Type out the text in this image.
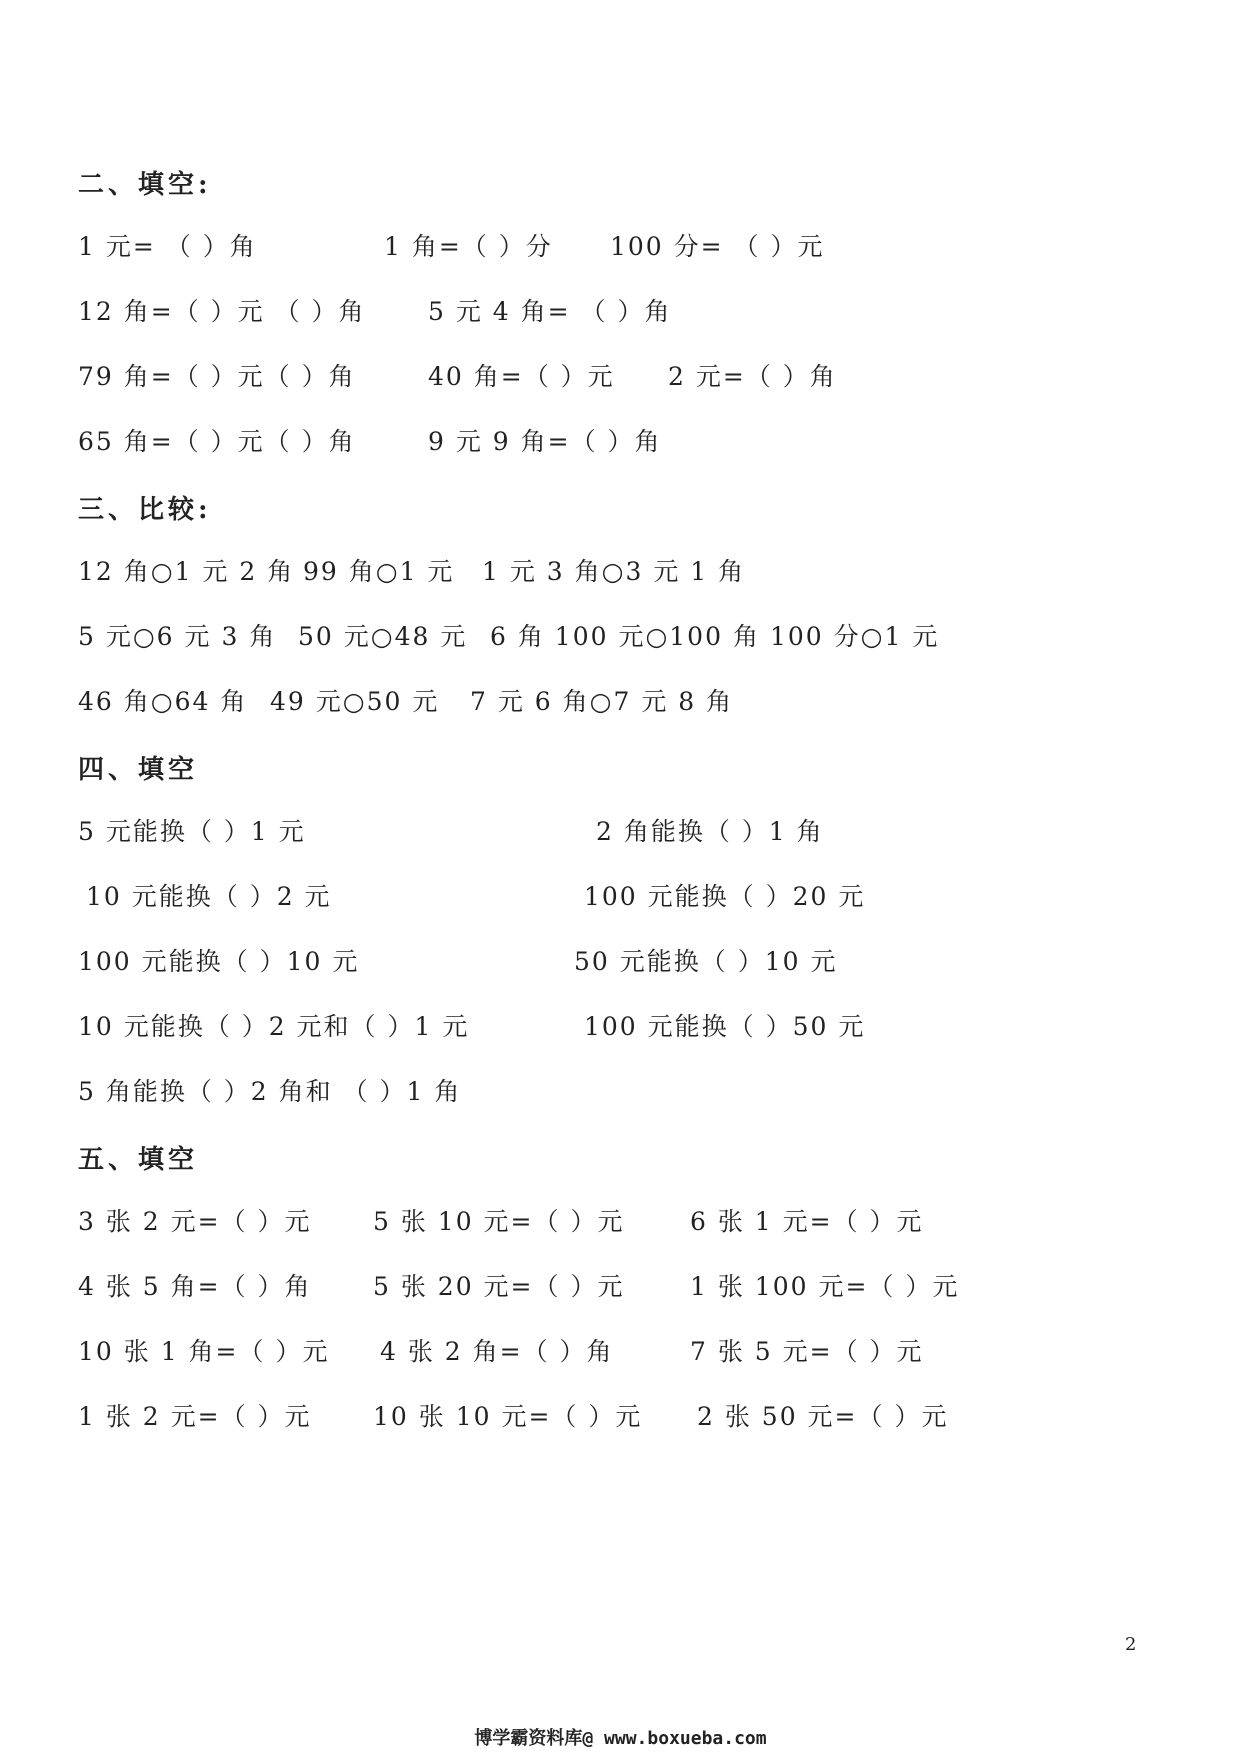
二、填空:
1 元= （ ）角	1 角=（ ）分 100 分= （ ）元
12 角=（ ）元 （ ）角 5 元 4 角= （ ）角
79 角=（ ）元（ ）角	40 角=（ ）元 2 元=（ ）角
65 角=（ ）元（ ）角	9 元 9 角=（ ）角
三、比较:
12 角○1 元 2 角 99 角○1 元 1 元 3 角○3 元 1 角
5 元○6 元 3 角 50 元○48 元 6 角 100 元○100 角 100 分○1 元
46 角○64 角 49 元○50 元 7 元 6 角○7 元 8 角
四、填空
5 元能换（ ）1 元	2 角能换（ ）1 角
10 元能换（ ）2 元	100 元能换（ ）20 元
100 元能换（ ）10 元	50 元能换（ ）10 元
10 元能换（ ）2 元和（ ）1 元	100 元能换（ ）50 元
5 角能换（ ）2 角和 （ ）1 角
五、填空
3 张 2 元=（ ）元 5 张 10 元=（ ）元	6 张 1 元=（ ）元
4 张 5 角=（ ）角 5 张 20 元=（ ）元	1 张 100 元=（ ）元
10 张 1 角=（ ）元 4 张 2 角=（ ）角	7 张 5 元=（ ）元
1 张 2 元=（ ）元 10 张 10 元=（ ）元 2 张 50 元=（ ）元
2
博学霸资料库@ www.boxueba.com
